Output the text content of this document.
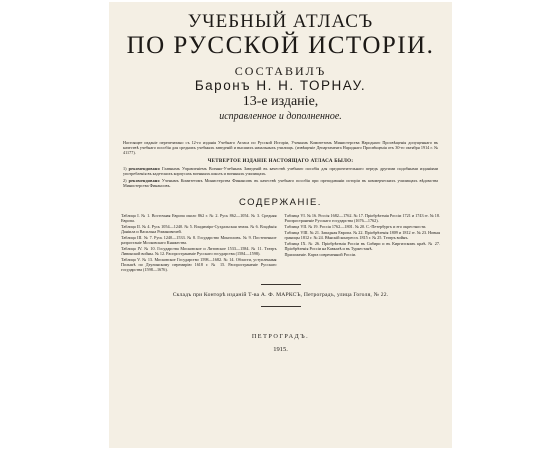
УЧЕБНЫЙ АТЛАСЪ
ПО РУССКОЙ ИСТОРІИ.
СОСТАВИЛЪ
Баронъ Н. Н. ТОРНАУ.
13-е изданіе,
исправленное и дополненное.
Настоящее изданіе перепечатано съ 12-го изданія Учебнаго Атласа по Русской Исторіи, Ученымъ Комитетомъ Министерства Народнаго Просвѣщенія допущеннаго въ качествѣ учебнаго пособія для среднихъ учебныхъ заведеній и высшихъ начальныхъ училищъ. (извѣщеніе Департамента Народнаго Просвѣщенія отъ 30-го октября 1914 г. № 41177).
ЧЕТВЕРТОЕ ИЗДАНІЕ НАСТОЯЩАГО АТЛАСА БЫЛО:
1) рекомендовано Главнымъ Управленіемъ Военно-Учебныхъ Заведеній въ качествѣ учебнаго пособія для предпочтительнаго передъ другими подобными изданіями употребленія въ кадетскихъ корпусахъ военныхъ школъ и военныхъ училищахъ.
2) рекомендовано Ученымъ Комитетомъ Министерства Финансовъ въ качествѣ учебнаго пособія при преподаваніи исторіи въ коммерческихъ училищахъ вѣдомства Министерства Финансовъ.
СОДЕРЖАНІЕ.
Таблица I. № 1. Восточная Европа около 862 г. № 2. Русь 862—1054. № 3. Средняя Европа.
Таблица II. № 4. Русь 1054—1240. № 5. Владиміро-Суздальская земля. № 6. Владѣнія Даніила и Василька Романовичей.
Таблица III. № 7. Русь 1240—1533. № 8. Государство Монголовъ. № 9. Постепенное разростаніе Московскаго Княжества.
Таблица IV. № 10. Государства Московское и Литовское 1533—1584. № 11. Театръ Ливонской войны. № 12. Распространеніе Русскаго государства (1584—1598).
Таблица V. № 13. Московское Государство 1598—1682. № 14. Области, уступленныя Польшѣ по Деулинскому перемирію 1618 г. № 15. Распространеніе Русскаго государства (1598—1676).
Таблица VI. № 16. Россія 1682—1762. № 17. Пріобрѣтенія Россіи 1721 и 1743 гг. № 18. Распространеніе Русскаго государства (1676—1762).
Таблица VII. № 19. Россія 1762—1801. № 20. С.-Петербургъ и его окрестности.
Таблица VIII. № 21. Западная Европа. № 22. Пріобрѣтенія 1809 и 1812 гг. № 23. Новыя границы 1812 г. № 24. Вѣнскій конгрессъ 1815 г. № 25. Театръ войнъ.
Таблица IX. № 26. Пріобрѣтенія Россіи въ Сибири и въ Киргизскомъ краѣ. № 27. Пріобрѣтенія Россіи на Кавказѣ и въ Туркестанѣ.
Приложеніе. Карта современной Россіи.
Складъ при Конторѣ изданій Т-ва А. Ф. МАРКСЪ, Петроградъ, улица Гоголя, № 22.
ПЕТРОГРАДЪ.
1915.
